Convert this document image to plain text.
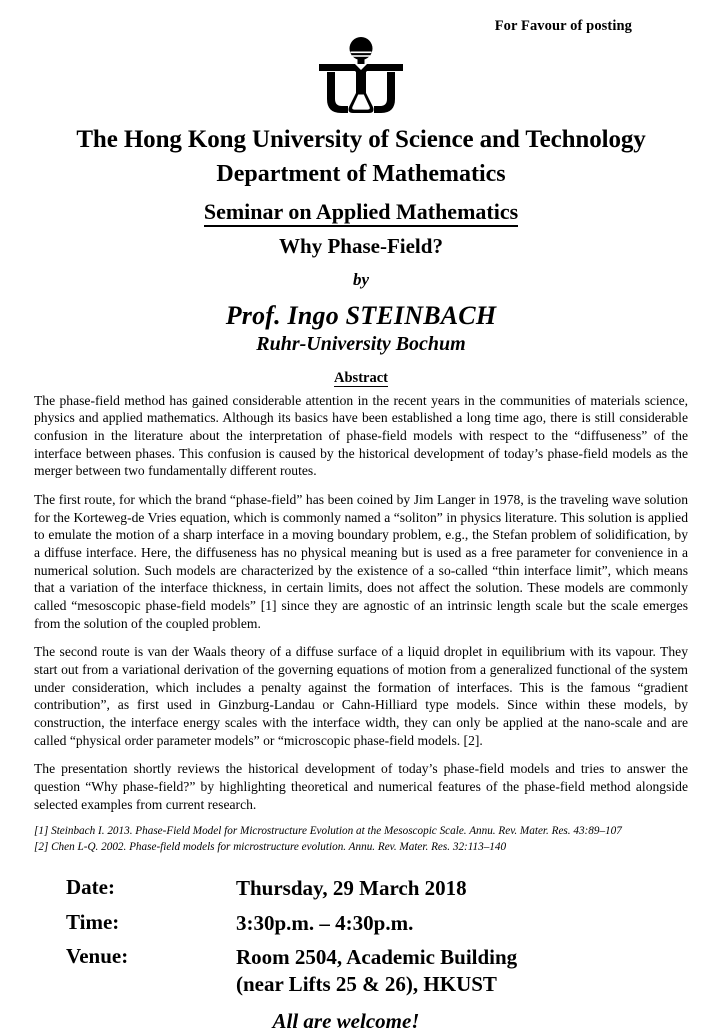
For Favour of posting
The Hong Kong University of Science and Technology
Department of Mathematics
Seminar on Applied Mathematics
Why Phase-Field?
by
Prof. Ingo STEINBACH
Ruhr-University Bochum
Abstract

The phase-field method has gained considerable attention in the recent years in the communities of materials science, physics and applied mathematics. Although its basics have been established a long time ago, there is still considerable confusion in the literature about the interpretation of phase-field models with respect to the “diffuseness” of the interface between phases. This confusion is caused by the historical development of today’s phase-field models as the merger between two fundamentally different routes.

The first route, for which the brand “phase-field” has been coined by Jim Langer in 1978, is the traveling wave solution for the Korteweg-de Vries equation, which is commonly named a “soliton” in physics literature. This solution is applied to emulate the motion of a sharp interface in a moving boundary problem, e.g., the Stefan problem of solidification, by a diffuse interface. Here, the diffuseness has no physical meaning but is used as a free parameter for convenience in a numerical solution. Such models are characterized by the existence of a so-called “thin interface limit”, which means that a variation of the interface thickness, in certain limits, does not affect the solution. These models are commonly called “mesoscopic phase-field models” [1] since they are agnostic of an intrinsic length scale but the scale emerges from the solution of the coupled problem.

The second route is van der Waals theory of a diffuse surface of a liquid droplet in equilibrium with its vapour. They start out from a variational derivation of the governing equations of motion from a generalized functional of the system under consideration, which includes a penalty against the formation of interfaces. This is the famous “gradient contribution”, as first used in Ginzburg-Landau or Cahn-Hilliard type models. Since within these models, by construction, the interface energy scales with the interface width, they can only be applied at the nano-scale and are called “physical order parameter models” or “microscopic phase-field models. [2].

The presentation shortly reviews the historical development of today’s phase-field models and tries to answer the question “Why phase-field?” by highlighting theoretical and numerical features of the phase-field method alongside selected examples from current research.

[1] Steinbach I. 2013. Phase-Field Model for Microstructure Evolution at the Mesoscopic Scale. Annu. Rev. Mater. Res. 43:89–107

[2] Chen L-Q. 2002. Phase-field models for microstructure evolution. Annu. Rev. Mater. Res. 32:113–140

Date:	Thursday, 29 March 2018
Time:	3:30p.m. – 4:30p.m.
Venue:	Room 2504, Academic Building
(near Lifts 25 & 26), HKUST
All are welcome!
